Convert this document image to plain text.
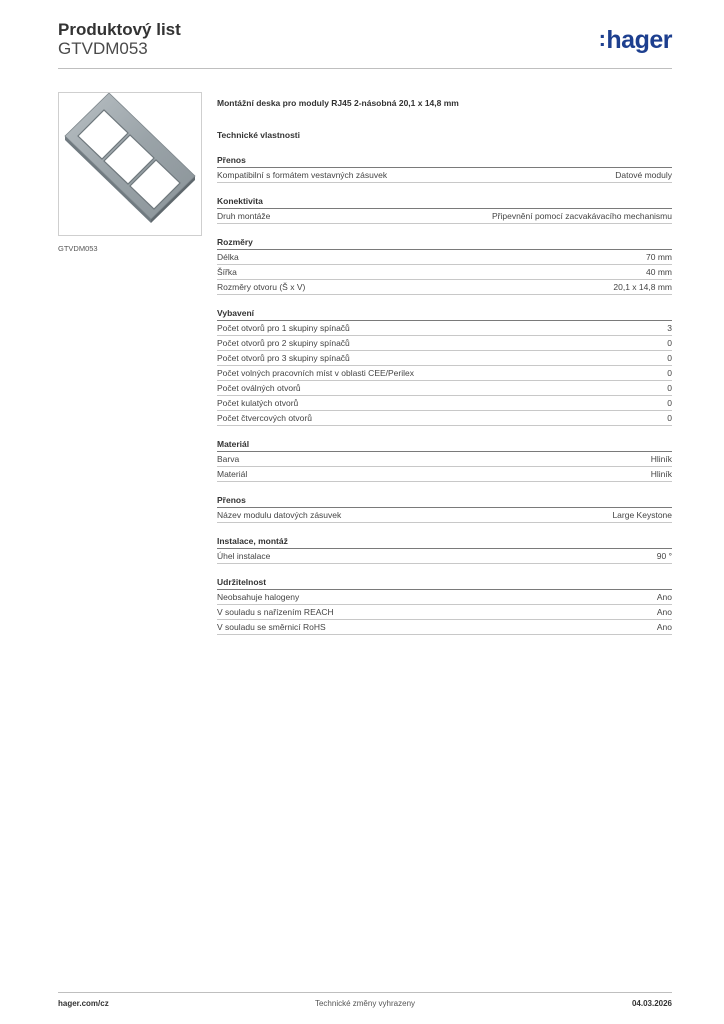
Produktový list
GTVDM053	:hager
GTVDM053
Montážní deska pro moduly RJ45 2-násobná 20,1 x 14,8 mm
Technické vlastnosti
Přenos
Kompatibilní s formátem vestavných zásuvek	Datové moduly
Konektivita
Druh montáže	Připevnění pomocí zacvakávacího mechanismu
Rozměry
Délka	70 mm
Šířka	40 mm
Rozměry otvoru (Š x V)	20,1 x 14,8 mm
Vybavení
Počet otvorů pro 1 skupiny spínačů	3
Počet otvorů pro 2 skupiny spínačů	0
Počet otvorů pro 3 skupiny spínačů	0
Počet volných pracovních míst v oblasti CEE/Perilex	0
Počet oválných otvorů	0
Počet kulatých otvorů	0
Počet čtvercových otvorů	0
Materiál
Barva	Hliník
Materiál	Hliník
Přenos
Název modulu datových zásuvek	Large Keystone
Instalace, montáž
Úhel instalace	90 °
Udržitelnost
Neobsahuje halogeny	Ano
V souladu s nařízením REACH	Ano
V souladu se směrnicí RoHS	Ano
hager.com/cz	Technické změny vyhrazeny	04.03.2026
